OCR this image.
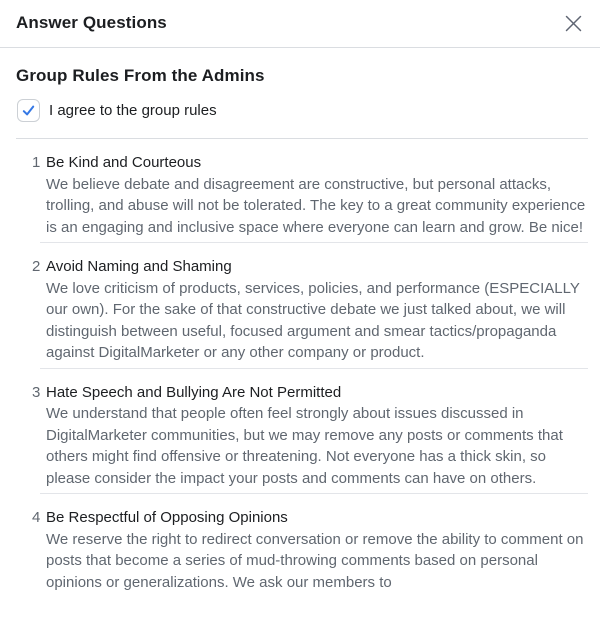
Answer Questions
Group Rules From the Admins
I agree to the group rules
1 Be Kind and Courteous
We believe debate and disagreement are constructive, but personal attacks, trolling, and abuse will not be tolerated. The key to a great community experience is an engaging and inclusive space where everyone can learn and grow. Be nice!
2 Avoid Naming and Shaming
We love criticism of products, services, policies, and performance (ESPECIALLY our own). For the sake of that constructive debate we just talked about, we will distinguish between useful, focused argument and smear tactics/propaganda against DigitalMarketer or any other company or product.
3 Hate Speech and Bullying Are Not Permitted
We understand that people often feel strongly about issues discussed in DigitalMarketer communities, but we may remove any posts or comments that others might find offensive or threatening. Not everyone has a thick skin, so please consider the impact your posts and comments can have on others.
4 Be Respectful of Opposing Opinions
We reserve the right to redirect conversation or remove the ability to comment on posts that become a series of mud-throwing comments based on personal opinions or generalizations. We ask our members to
